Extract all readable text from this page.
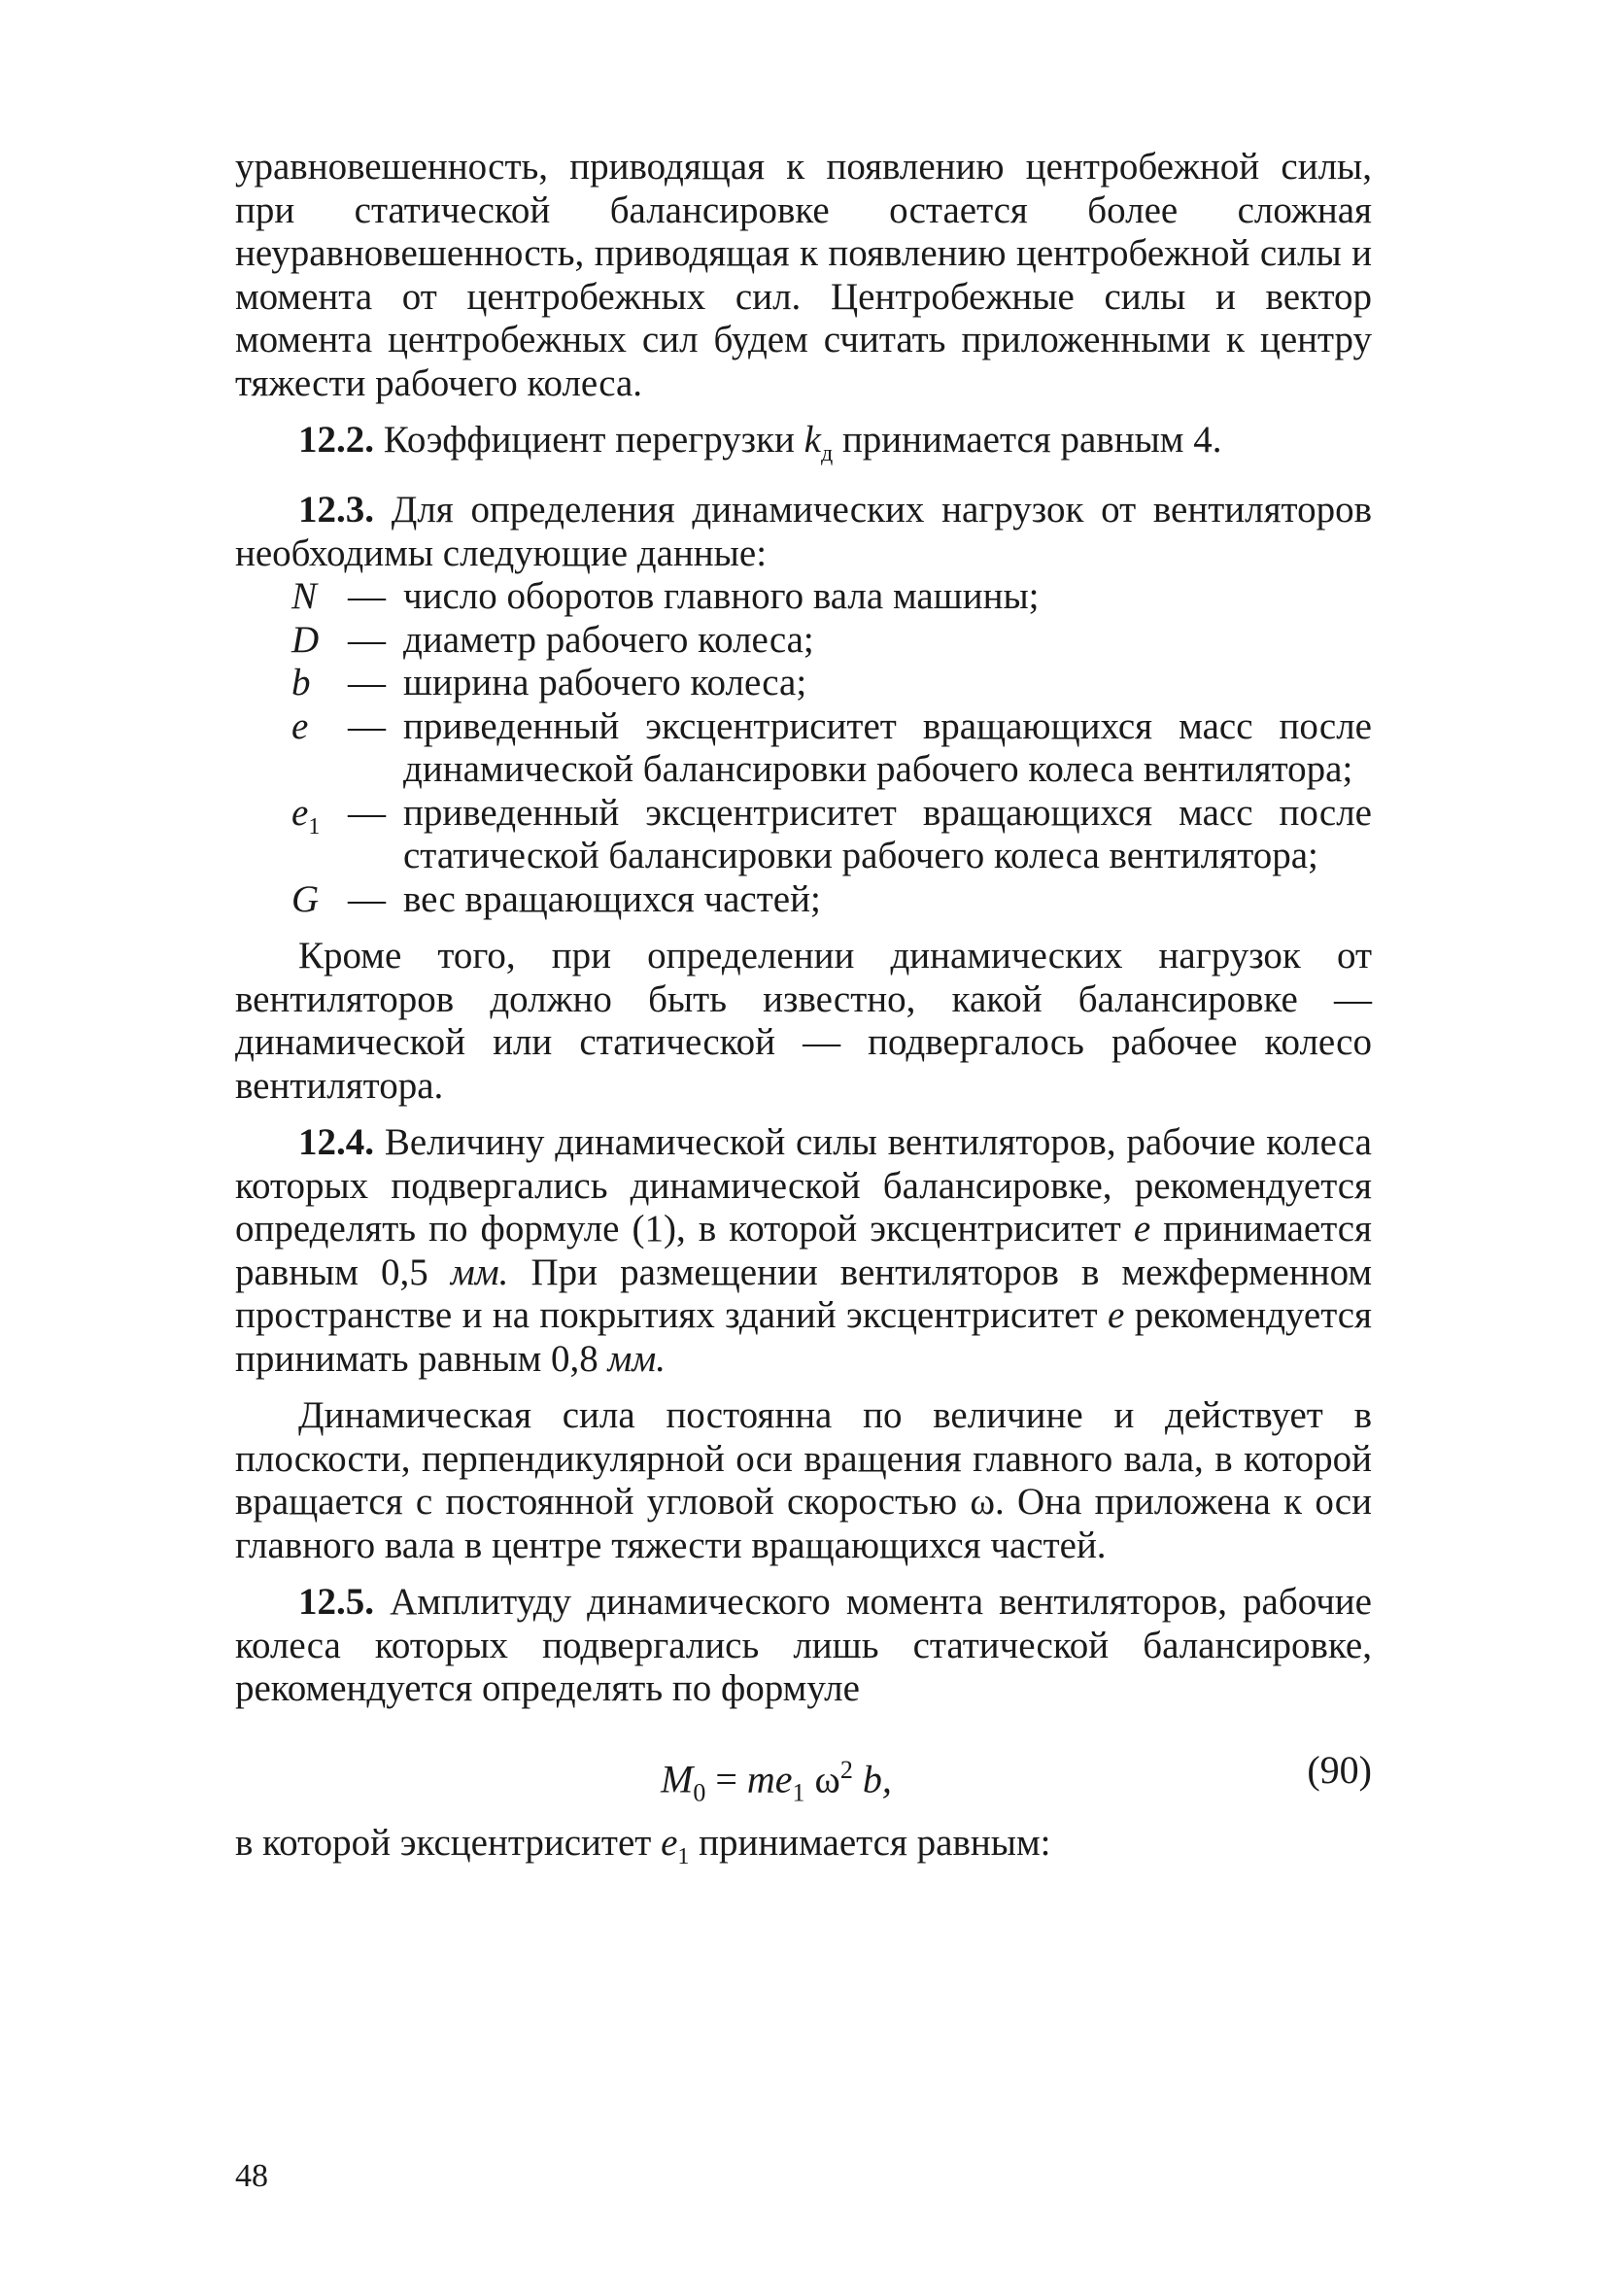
уравновешенность, приводящая к появлению центробежной силы, при статической балансировке остается более сложная неуравновешенность, приводящая к появлению центробежной силы и момента от центробежных сил. Центробежные силы и вектор момента центробежных сил будем считать приложенными к центру тяжести рабочего колеса.

12.2. Коэффициент перегрузки $k_д$ принимается равным 4.

12.3. Для определения динамических нагрузок от вентиляторов необходимы следующие данные:

N — число оборотов главного вала машины;
D — диаметр рабочего колеса;
b — ширина рабочего колеса;
e	— приведенный эксцентриситет вращающихся масс после динамической балансировки рабочего колеса вентилятора;
$e_1$ — приведенный эксцентриситет вращающихся масс после статической балансировки рабочего колеса вентилятора;
G — вес вращающихся частей;

Кроме того, при определении динамических нагрузок от вентиляторов должно быть известно, какой балансировке — динамической или статической — подвергалось рабочее колесо вентилятора.

12.4. Величину динамической силы вентиляторов, рабочие колеса которых подвергались динамической балансировке, рекомендуется определять по формуле (1), в которой эксцентриситет e принимается равным 0,5 мм. При размещении вентиляторов в межферменном пространстве и на покрытиях зданий эксцентриситет e рекомендуется принимать равным 0,8 мм.

Динамическая сила постоянна по величине и действует в плоскости, перпендикулярной оси вращения главного вала, в которой вращается с постоянной угловой скоростью ω. Она приложена к оси главного вала в центре тяжести вращающихся частей.

12.5. Амплитуду динамического момента вентиляторов, рабочие колеса которых подвергались лишь статической балансировке, рекомендуется определять по формуле

$M_0 = me_1$ $\omega^2$ b,	(90)

в которой эксцентриситет $e_1$ принимается равным:

48
